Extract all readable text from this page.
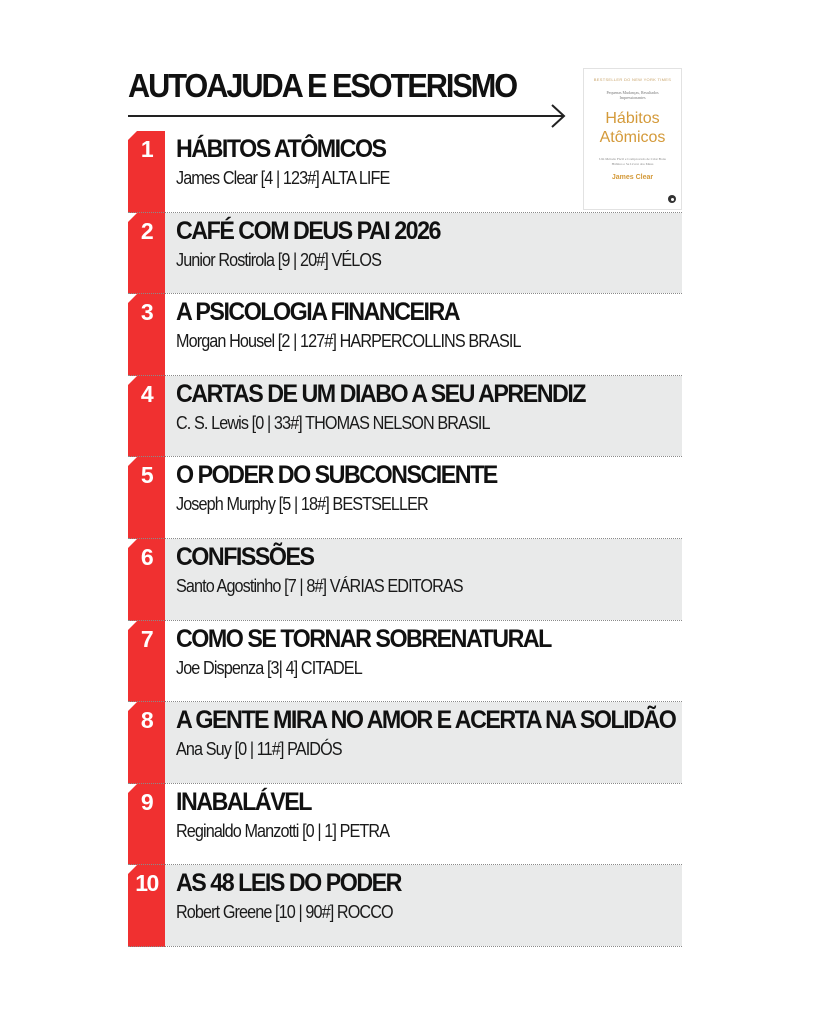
AUTOAJUDA E ESOTERISMO	BESTSELLER DO NEW YORK TIMES
Pequenas Mudanças, Resultados Impressionantes
Hábitos
Atômicos
Um Método Fácil e Comprovado de Criar Bons Hábitos e Se Livrar dos Maus
James Clear
1 HÁBITOS ATÔMICOS
James Clear [4 | 123#] ALTA LIFE
2 CAFÉ COM DEUS PAI 2026
Junior Rostirola [9 | 20#] VÉLOS
3 A PSICOLOGIA FINANCEIRA
Morgan Housel [2 | 127#] HARPERCOLLINS BRASIL
4 CARTAS DE UM DIABO A SEU APRENDIZ
C. S. Lewis [0 | 33#] THOMAS NELSON BRASIL
5 O PODER DO SUBCONSCIENTE
Joseph Murphy [5 | 18#] BESTSELLER
6 CONFISSÕES
Santo Agostinho [7 | 8#] VÁRIAS EDITORAS
7 COMO SE TORNAR SOBRENATURAL
Joe Dispenza [3| 4] CITADEL
8 A GENTE MIRA NO AMOR E ACERTA NA SOLIDÃO
Ana Suy [0 | 11#] PAIDÓS
9 INABALÁVEL
Reginaldo Manzotti [0 | 1] PETRA
10 AS 48 LEIS DO PODER
Robert Greene [10 | 90#] ROCCO
